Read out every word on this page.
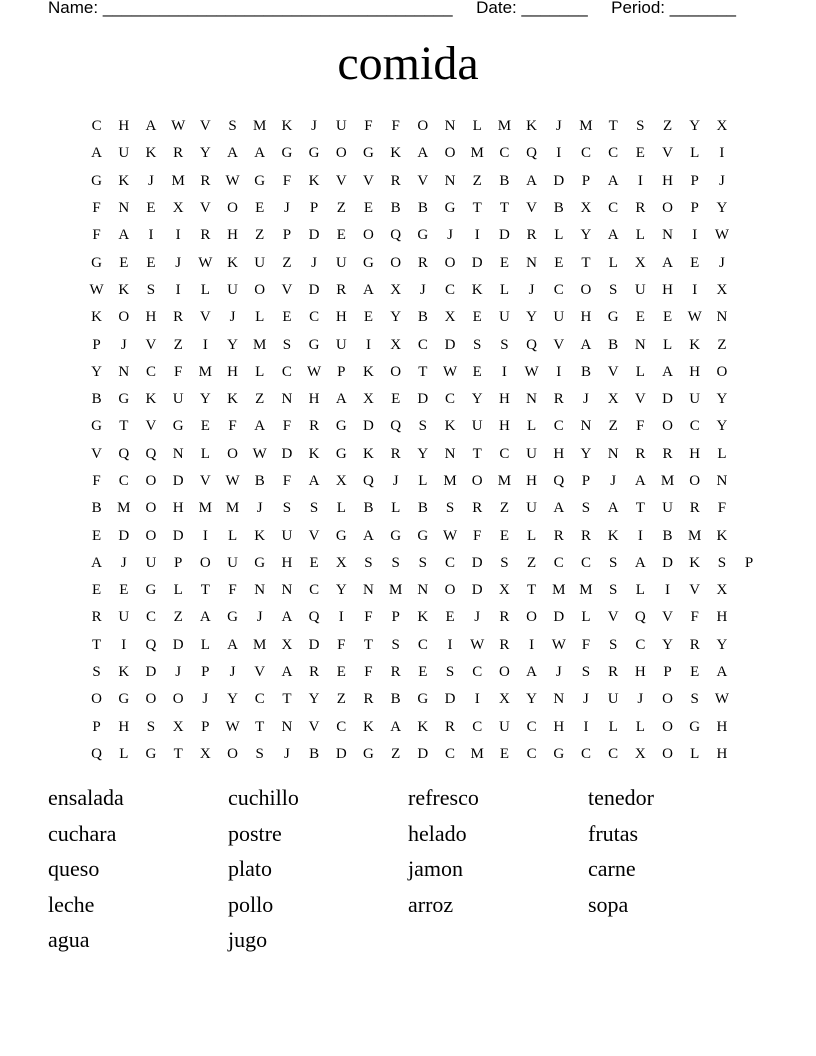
Name: _____________________________________ Date: _______ Period: _______
comida
C	H	A	W	V	S	M	K	J	U	F	F	O	N	L	M	K	J	M	T	S	Z	Y	X	
A	U	K	R	Y	A	A	G	G	O	G	K	A	O	M	C	Q	I	C	C	E	V	L	I	
G	K	J	M	R	W	G	F	K	V	V	R	V	N	Z	B	A	D	P	A	I	H	P	J	
F	N	E	X	V	O	E	J	P	Z	E	B	B	G	T	T	V	B	X	C	R	O	P	Y	
F	A	I	I	R	H	Z	P	D	E	O	Q	G	J	I	D	R	L	Y	A	L	N	I	W	
G	E	E	J	W	K	U	Z	J	U	G	O	R	O	D	E	N	E	T	L	X	A	E	J	
W	K	S	I	L	U	O	V	D	R	A	X	J	C	K	L	J	C	O	S	U	H	I	X	
K	O	H	R	V	J	L	E	C	H	E	Y	B	X	E	U	Y	U	H	G	E	E	W	N	
P	J	V	Z	I	Y	M	S	G	U	I	X	C	D	S	S	Q	V	A	B	N	L	K	Z	
Y	N	C	F	M	H	L	C	W	P	K	O	T	W	E	I	W	I	B	V	L	A	H	O	
B	G	K	U	Y	K	Z	N	H	A	X	E	D	C	Y	H	N	R	J	X	V	D	U	Y	
G	T	V	G	E	F	A	F	R	G	D	Q	S	K	U	H	L	C	N	Z	F	O	C	Y	
V	Q	Q	N	L	O	W	D	K	G	K	R	Y	N	T	C	U	H	Y	N	R	R	H	L	
F	C	O	D	V	W	B	F	A	X	Q	J	L	M	O	M	H	Q	P	J	A	M	O	N	
B	M	O	H	M	M	J	S	S	L	B	L	B	S	R	Z	U	A	S	A	T	U	R	F	
E	D	O	D	I	L	K	U	V	G	A	G	G	W	F	E	L	R	R	K	I	B	M	K	
A	J	U	P	O	U	G	H	E	X	S	S	S	C	D	S	Z	C	C	S	A	D	K	S	P
E	E	G	L	T	F	N	N	C	Y	N	M	N	O	D	X	T	M	M	S	L	I	V	X	
R	U	C	Z	A	G	J	A	Q	I	F	P	K	E	J	R	O	D	L	V	Q	V	F	H	
T	I	Q	D	L	A	M	X	D	F	T	S	C	I	W	R	I	W	F	S	C	Y	R	Y	
S	K	D	J	P	J	V	A	R	E	F	R	E	S	C	O	A	J	S	R	H	P	E	A	
O	G	O	O	J	Y	C	T	Y	Z	R	B	G	D	I	X	Y	N	J	U	J	O	S	W	
P	H	S	X	P	W	T	N	V	C	K	A	K	R	C	U	C	H	I	L	L	O	G	H	
Q	L	G	T	X	O	S	J	B	D	G	Z	D	C	M	E	C	G	C	C	X	O	L	H	
ensalada	cuchillo	refresco	tenedor
cuchara	postre	helado	frutas
queso	plato	jamon	carne
leche	pollo	arroz	sopa
agua	jugo
